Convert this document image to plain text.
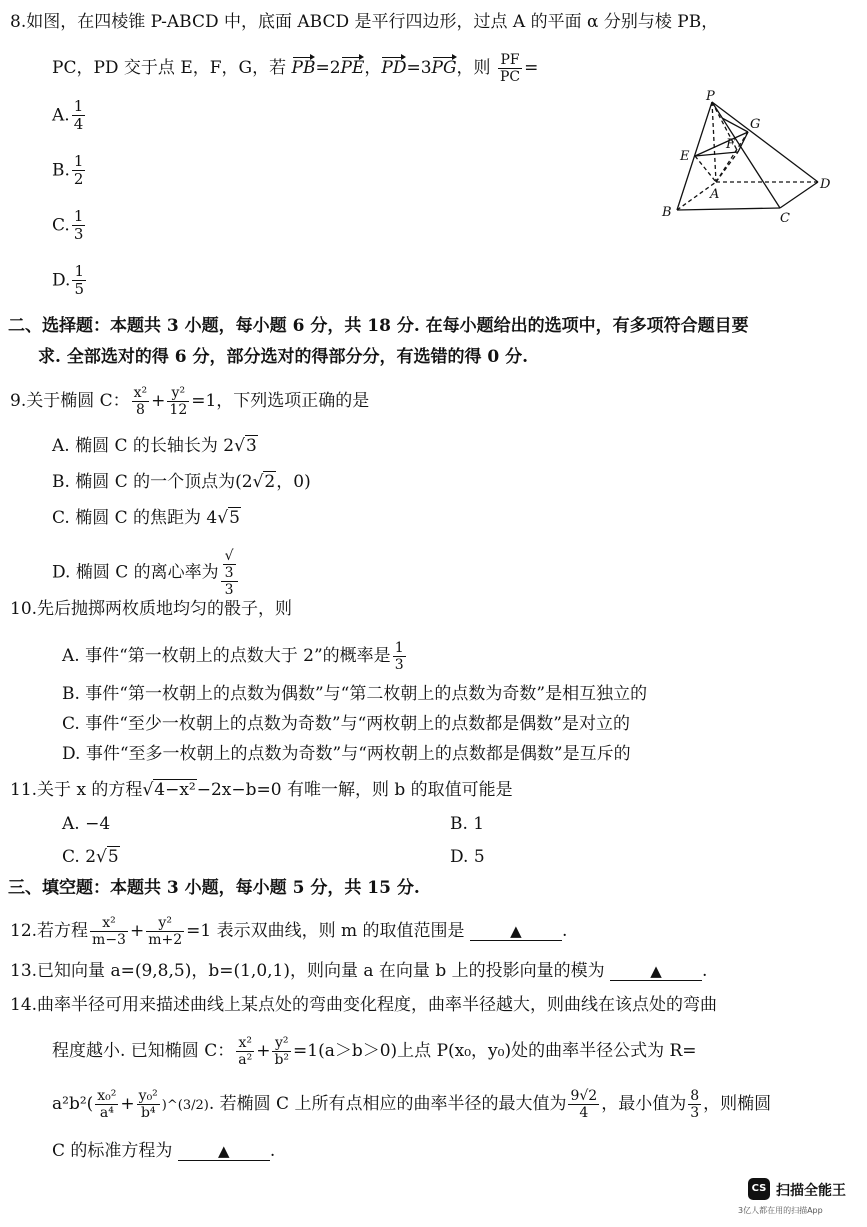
8.如图，在四棱锥 P-ABCD 中，底面 ABCD 是平行四边形，过点 A 的平面 α 分别与棱 PB，
PC，PD 交于点 E，F，G，若 PB=2PE，PD=3PG，则 $\frac{PF}{PC}$ =
A. $\frac{1}{4}$
B. $\frac{1}{2}$
C. $\frac{1}{3}$
D. $\frac{1}{5}$
P
G
F
E
A
D
B	C
二、选择题：本题共 3 小题，每小题 6 分，共 18 分. 在每小题给出的选项中，有多项符合题目要
求. 全部选对的得 6 分，部分选对的得部分分，有选错的得 0 分.
9.关于椭圆 C： $\frac{\text{x²}}{8} + \frac{\text{y²}}{12} =1$，下列选项正确的是
A. 椭圆 C 的长轴长为 2√3
B. 椭圆 C 的一个顶点为(2√2，0)
C. 椭圆 C 的焦距为 4√5
D. 椭圆 C 的离心率为 √
3
3
10.先后抛掷两枚质地均匀的骰子，则
A. 事件“第一枚朝上的点数大于 2”的概率是 $\frac{1}{3}$
B. 事件“第一枚朝上的点数为偶数”与“第二枚朝上的点数为奇数”是相互独立的
C. 事件“至少一枚朝上的点数为奇数”与“两枚朝上的点数都是偶数”是对立的
D. 事件“至多一枚朝上的点数为奇数”与“两枚朝上的点数都是偶数”是互斥的
11.关于 x 的方程√4−x²−2x−b=0 有唯一解，则 b 的取值可能是
A. −4	B. 1
C. 2√5	D. 5
三、填空题：本题共 3 小题，每小题 5 分，共 15 分.
12.若方程 $\frac{\text{x²}}{m-3} + \frac{\text{y²}}{m+2} =1$ 表示双曲线，则 m 的取值范围是	▲ .
13.已知向量 a=(9,8,5)，b=(1,0,1)，则向量 a 在向量 b 上的投影向量的模为	▲ .
14.曲率半径可用来描述曲线上某点处的弯曲变化程度，曲率半径越大，则曲线在该点处的弯曲
程度越小. 已知椭圆 C： $\frac{\text{x²}}{\text{a²}} + \frac{\text{y²}}{\text{b²}} =1(a>b>0)$上点 P(x₀，y₀)处的曲率半径公式为 R=
$a^2b^2( \frac{\text{x₀²}}{\text{a⁴}} + \frac{\text{y₀²}}{\text{b⁴}}$ )^(3/2). 若椭圆 C 上所有点相应的曲率半径的最大值为 $\frac{9√2}{4}$ ，最小值为 $\frac{8}{3}$ ，则椭圆
C 的标准方程为	▲ .
CS 扫描全能王
3亿人都在用的扫描App
